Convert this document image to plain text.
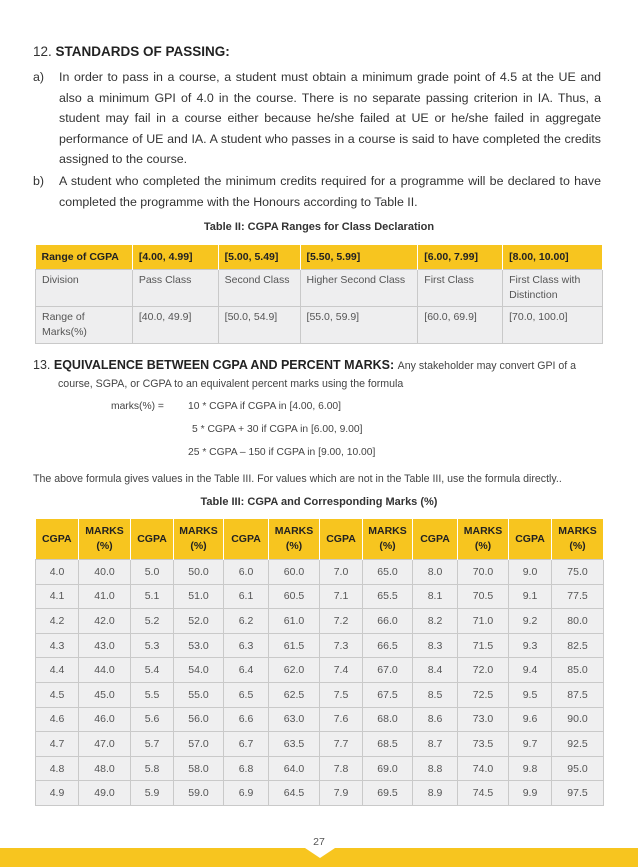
12. STANDARDS OF PASSING:
a) In order to pass in a course, a student must obtain a minimum grade point of 4.5 at the UE and also a minimum GPI of 4.0 in the course. There is no separate passing criterion in IA. Thus, a student may fail in a course either because he/she failed at UE or he/she failed in aggregate performance of UE and IA. A student who passes in a course is said to have completed the credits assigned to the course.
b) A student who completed the minimum credits required for a programme will be declared to have completed the programme with the Honours according to Table II.
Table II: CGPA Ranges for Class Declaration
Range of CGPA	[4.00, 4.99]	[5.00, 5.49]	[5.50, 5.99]	[6.00, 7.99]	[8.00, 10.00]
Division	Pass Class	Second Class	Higher Second Class	First Class	First Class with Distinction
Range of Marks(%)	[40.0, 49.9]	[50.0, 54.9]	[55.0, 59.9]	[60.0, 69.9]	[70.0, 100.0]
13. EQUIVALENCE BETWEEN CGPA AND PERCENT MARKS: Any stakeholder may convert GPI of a
course, SGPA, or CGPA to an equivalent percent marks using the formula
marks(%) = 10 * CGPA if CGPA in [4.00, 6.00]
5 * CGPA + 30 if CGPA in [6.00, 9.00]
25 * CGPA – 150 if CGPA in [9.00, 10.00]
The above formula gives values in the Table III. For values which are not in the Table III, use the formula directly..
Table III: CGPA and Corresponding Marks (%)
CGPA	MARKS (%)	CGPA	MARKS (%)	CGPA	MARKS (%)	CGPA	MARKS (%)	CGPA	MARKS (%)	CGPA	MARKS (%)
4.0	40.0	5.0	50.0	6.0	60.0	7.0	65.0	8.0	70.0	9.0	75.0
4.1	41.0	5.1	51.0	6.1	60.5	7.1	65.5	8.1	70.5	9.1	77.5
4.2	42.0	5.2	52.0	6.2	61.0	7.2	66.0	8.2	71.0	9.2	80.0
4.3	43.0	5.3	53.0	6.3	61.5	7.3	66.5	8.3	71.5	9.3	82.5
4.4	44.0	5.4	54.0	6.4	62.0	7.4	67.0	8.4	72.0	9.4	85.0
4.5	45.0	5.5	55.0	6.5	62.5	7.5	67.5	8.5	72.5	9.5	87.5
4.6	46.0	5.6	56.0	6.6	63.0	7.6	68.0	8.6	73.0	9.6	90.0
4.7	47.0	5.7	57.0	6.7	63.5	7.7	68.5	8.7	73.5	9.7	92.5
4.8	48.0	5.8	58.0	6.8	64.0	7.8	69.0	8.8	74.0	9.8	95.0
4.9	49.0	5.9	59.0	6.9	64.5	7.9	69.5	8.9	74.5	9.9	97.5
27
